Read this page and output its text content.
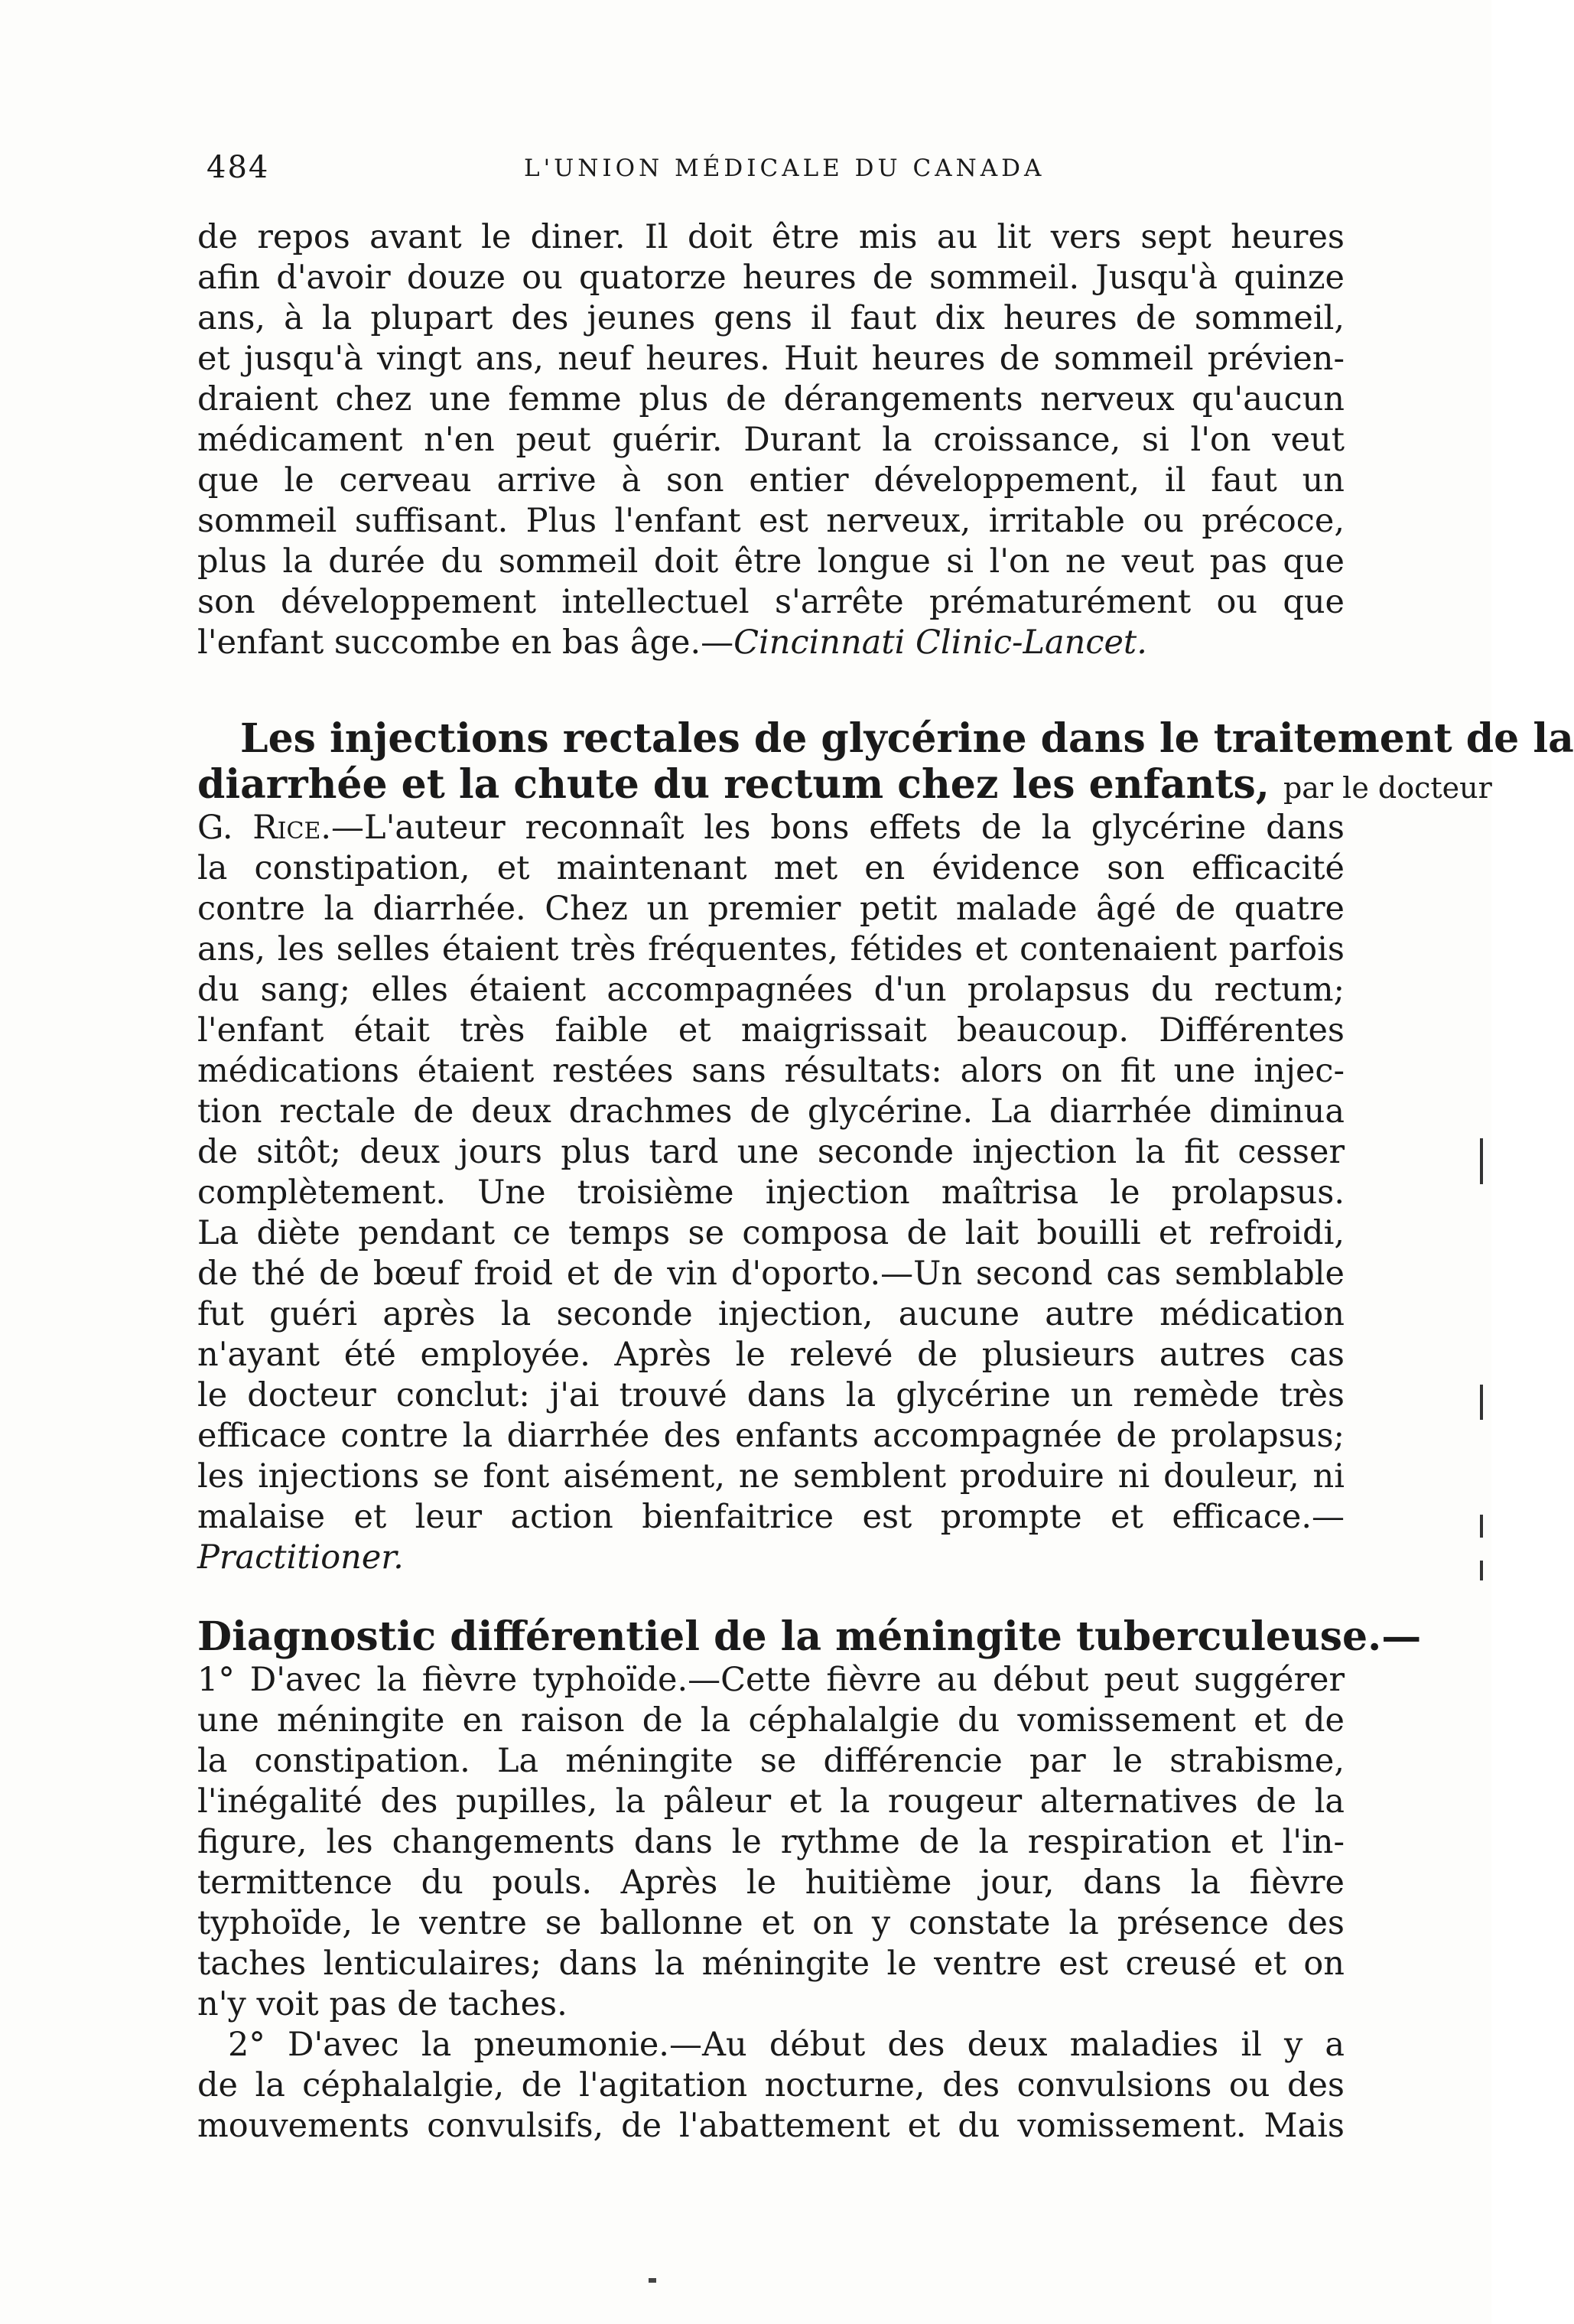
484	L'UNION MÉDICALE DU CANADA
de repos avant le diner. Il doit être mis au lit vers sept heures
afin d'avoir douze ou quatorze heures de sommeil. Jusqu'à quinze
ans, à la plupart des jeunes gens il faut dix heures de sommeil,
et jusqu'à vingt ans, neuf heures. Huit heures de sommeil prévien-
draient chez une femme plus de dérangements nerveux qu'aucun
médicament n'en peut guérir. Durant la croissance, si l'on veut
que le cerveau arrive à son entier développement, il faut un
sommeil suffisant. Plus l'enfant est nerveux, irritable ou précoce,
plus la durée du sommeil doit être longue si l'on ne veut pas que
son développement intellectuel s'arrête prématurément ou que
l'enfant succombe en bas âge.—Cincinnati Clinic-Lancet.
Les injections rectales de glycérine dans le traitement de la
diarrhée et la chute du rectum chez les enfants, par le docteur
G. Rice.—L'auteur reconnaît les bons effets de la glycérine dans
la constipation, et maintenant met en évidence son efficacité
contre la diarrhée. Chez un premier petit malade âgé de quatre
ans, les selles étaient très fréquentes, fétides et contenaient parfois
du sang; elles étaient accompagnées d'un prolapsus du rectum;
l'enfant était très faible et maigrissait beaucoup. Différentes
médications étaient restées sans résultats: alors on fit une injec-
tion rectale de deux drachmes de glycérine. La diarrhée diminua
de sitôt; deux jours plus tard une seconde injection la fit cesser
complètement. Une troisième injection maîtrisa le prolapsus.
La diète pendant ce temps se composa de lait bouilli et refroidi,
de thé de bœuf froid et de vin d'oporto.—Un second cas semblable
fut guéri après la seconde injection, aucune autre médication
n'ayant été employée. Après le relevé de plusieurs autres cas
le docteur conclut: j'ai trouvé dans la glycérine un remède très
efficace contre la diarrhée des enfants accompagnée de prolapsus;
les injections se font aisément, ne semblent produire ni douleur, ni
malaise et leur action bienfaitrice est prompte et efficace.—
Practitioner.
Diagnostic différentiel de la méningite tuberculeuse.—
1° D'avec la fièvre typhoïde.—Cette fièvre au début peut suggérer
une méningite en raison de la céphalalgie du vomissement et de
la constipation. La méningite se différencie par le strabisme,
l'inégalité des pupilles, la pâleur et la rougeur alternatives de la
figure, les changements dans le rythme de la respiration et l'in-
termittence du pouls. Après le huitième jour, dans la fièvre
typhoïde, le ventre se ballonne et on y constate la présence des
taches lenticulaires; dans la méningite le ventre est creusé et on
n'y voit pas de taches.
2° D'avec la pneumonie.—Au début des deux maladies il y a
de la céphalalgie, de l'agitation nocturne, des convulsions ou des
mouvements convulsifs, de l'abattement et du vomissement. Mais
